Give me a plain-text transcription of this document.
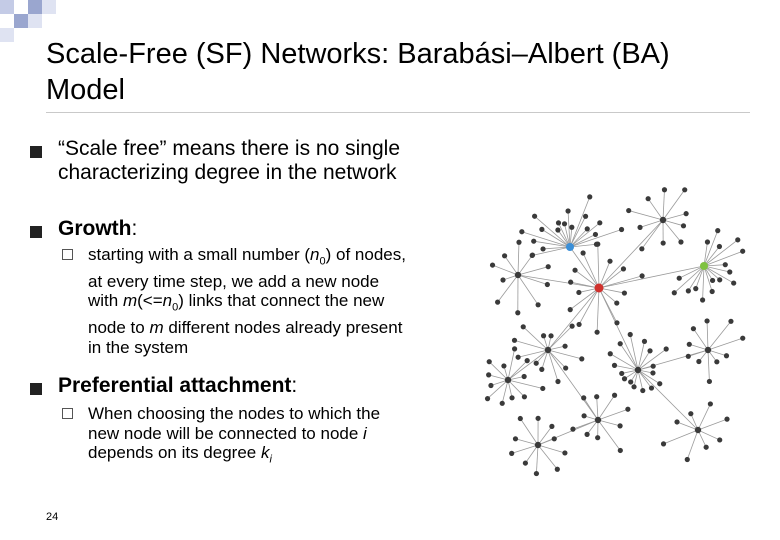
Scale-Free (SF) Networks: Barabási–Albert (BA)
Model
“Scale free” means there is no single
characterizing degree in the network
Growth:
starting with a small number $(n_0)$ of nodes,
at every time step, we add a new node
with $m(<=n_0)$ links that connect the new
node to m different nodes already present
in the system
Preferential attachment:
When choosing the nodes to which the
new node will be connected to node i
depends on its degree $k_i$
24
